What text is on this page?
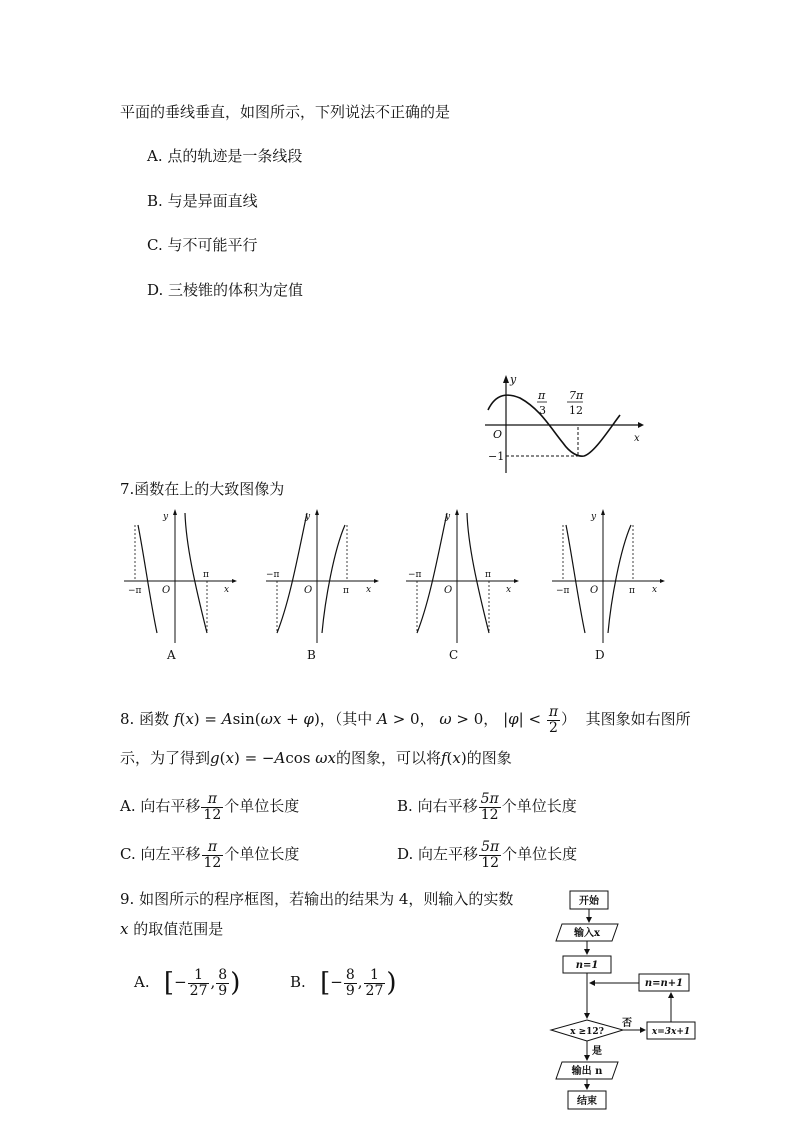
平面的垂线垂直，如图所示，下列说法不正确的是
A. 点的轨迹是一条线段
B. 与是异面直线
C. 与不可能平行
D. 三棱锥的体积为定值
y
x
O
−1
π
3
7π
12
7.函数在上的大致图像为
y
x
O
−π
π
A
y
x
O
−π
π
B
y
x
O
−π	π
C
y
x
O
−π	π
D
8. 函数 f(x) = Asin(ωx + φ)，（其中 A > 0， ω > 0， $|\varphi| < \frac{\pi}{2}$ ） 其图象如右图所
示，为了得到g(x) = −Acos ωx的图象，可以将f(x)的图象
A. 向右平移 $\frac{\pi}{12}$ 个单位长度	B. 向右平移 $\frac{5\pi}{12}$ 个单位长度
C. 向左平移 $\frac{\pi}{12}$ 个单位长度	D. 向左平移 $\frac{5\pi}{12}$ 个单位长度
9. 如图所示的程序框图，若输出的结果为 4，则输入的实数
x 的取值范围是
A. [− $\frac{1}{27}$ , $\frac{8}{9}$ )	B. [− $\frac{8}{9}$ , $\frac{1}{27}$ )
开始
输入x
n=1
n=n+1
x ≥12?
否
x=3x+1
是
输出 n
结束
